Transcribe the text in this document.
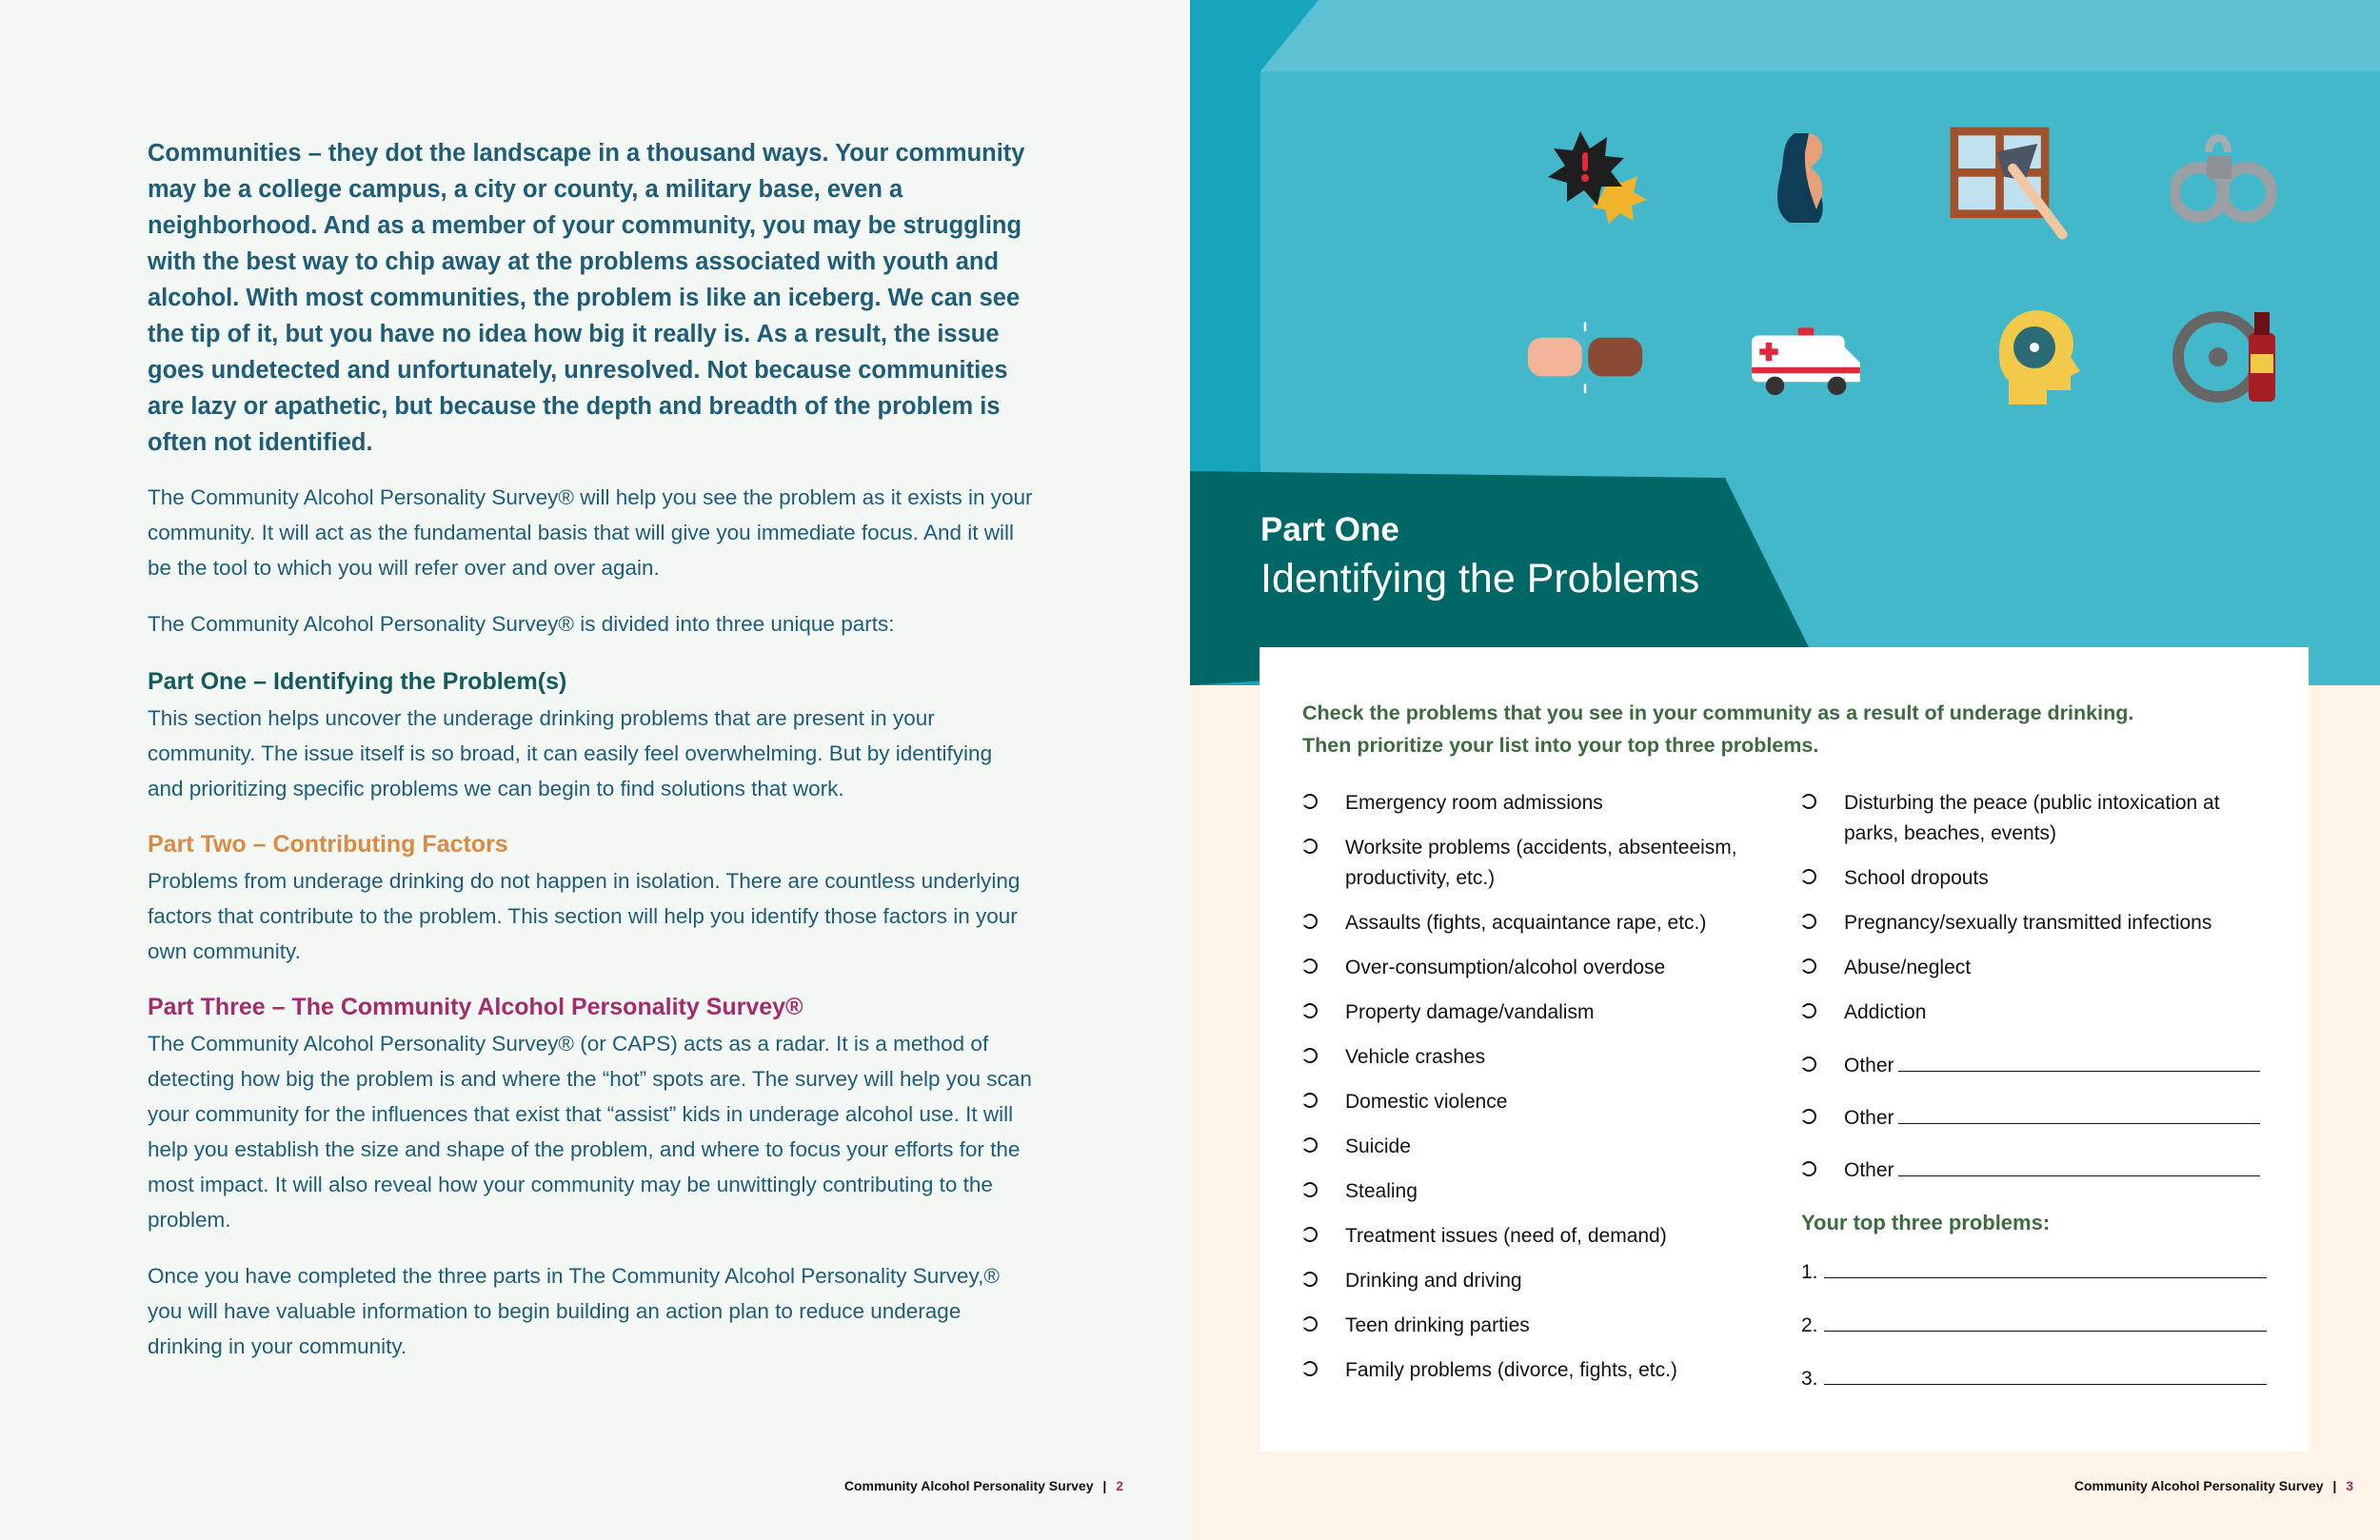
Communities – they dot the landscape in a thousand ways. Your community may be a college campus, a city or county, a military base, even a neighborhood. And as a member of your community, you may be struggling with the best way to chip away at the problems associated with youth and alcohol. With most communities, the problem is like an iceberg. We can see the tip of it, but you have no idea how big it really is. As a result, the issue goes undetected and unfortunately, unresolved. Not because communities are lazy or apathetic, but because the depth and breadth of the problem is often not identified.

The Community Alcohol Personality Survey® will help you see the problem as it exists in your community. It will act as the fundamental basis that will give you immediate focus. And it will be the tool to which you will refer over and over again.

The Community Alcohol Personality Survey® is divided into three unique parts:

Part One – Identifying the Problem(s)

This section helps uncover the underage drinking problems that are present in your community. The issue itself is so broad, it can easily feel overwhelming. But by identifying and prioritizing specific problems we can begin to find solutions that work.

Part Two – Contributing Factors

Problems from underage drinking do not happen in isolation. There are countless underlying factors that contribute to the problem. This section will help you identify those factors in your own community.

Part Three – The Community Alcohol Personality Survey®

The Community Alcohol Personality Survey® (or CAPS) acts as a radar. It is a method of detecting how big the problem is and where the “hot” spots are. The survey will help you scan your community for the influences that exist that “assist” kids in underage alcohol use. It will help you establish the size and shape of the problem, and where to focus your efforts for the most impact. It will also reveal how your community may be unwittingly contributing to the problem.

Once you have completed the three parts in The Community Alcohol Personality Survey,® you will have valuable information to begin building an action plan to reduce underage drinking in your community.

Community Alcohol Personality Survey | 2
Part One
Identifying the Problems
Check the problems that you see in your community as a result of underage drinking.
Then prioritize your list into your top three problems.
Emergency room admissions
Worksite problems (accidents, absenteeism, productivity, etc.)
Assaults (fights, acquaintance rape, etc.)
Over-consumption/alcohol overdose
Property damage/vandalism
Vehicle crashes
Domestic violence
Suicide
Stealing
Treatment issues (need of, demand)
Drinking and driving
Teen drinking parties
Family problems (divorce, fights, etc.)
Disturbing the peace (public intoxication at parks, beaches, events)
School dropouts
Pregnancy/sexually transmitted infections
Abuse/neglect
Addiction
Other
Other
Other
Your top three problems:
1.
2.
3.
Community Alcohol Personality Survey | 3
